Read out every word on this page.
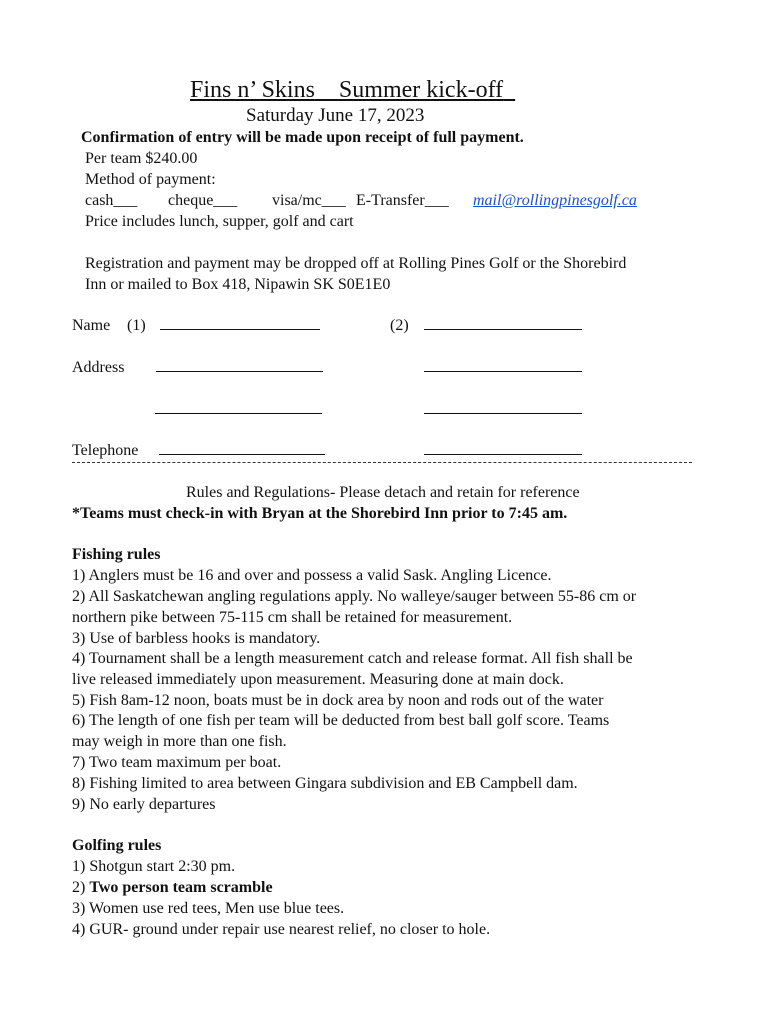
Fins n’ Skins Summer kick-off
Saturday June 17, 2023
Confirmation of entry will be made upon receipt of full payment.
Per team $240.00
Method of payment:
cash___ cheque___ visa/mc___ E-Transfer___ mail@rollingpinesgolf.ca
Price includes lunch, supper, golf and cart
Registration and payment may be dropped off at Rolling Pines Golf or the Shorebird
Inn or mailed to Box 418, Nipawin SK S0E1E0
Name (1)	(2)
Address
Telephone
Rules and Regulations- Please detach and retain for reference
*Teams must check-in with Bryan at the Shorebird Inn prior to 7:45 am.
Fishing rules
1) Anglers must be 16 and over and possess a valid Sask. Angling Licence.
2) All Saskatchewan angling regulations apply. No walleye/sauger between 55-86 cm or
northern pike between 75-115 cm shall be retained for measurement.
3) Use of barbless hooks is mandatory.
4) Tournament shall be a length measurement catch and release format. All fish shall be
live released immediately upon measurement. Measuring done at main dock.
5) Fish 8am-12 noon, boats must be in dock area by noon and rods out of the water
6) The length of one fish per team will be deducted from best ball golf score. Teams
may weigh in more than one fish.
7) Two team maximum per boat.
8) Fishing limited to area between Gingara subdivision and EB Campbell dam.
9) No early departures
Golfing rules
1) Shotgun start 2:30 pm.
2) Two person team scramble
3) Women use red tees, Men use blue tees.
4) GUR- ground under repair use nearest relief, no closer to hole.
